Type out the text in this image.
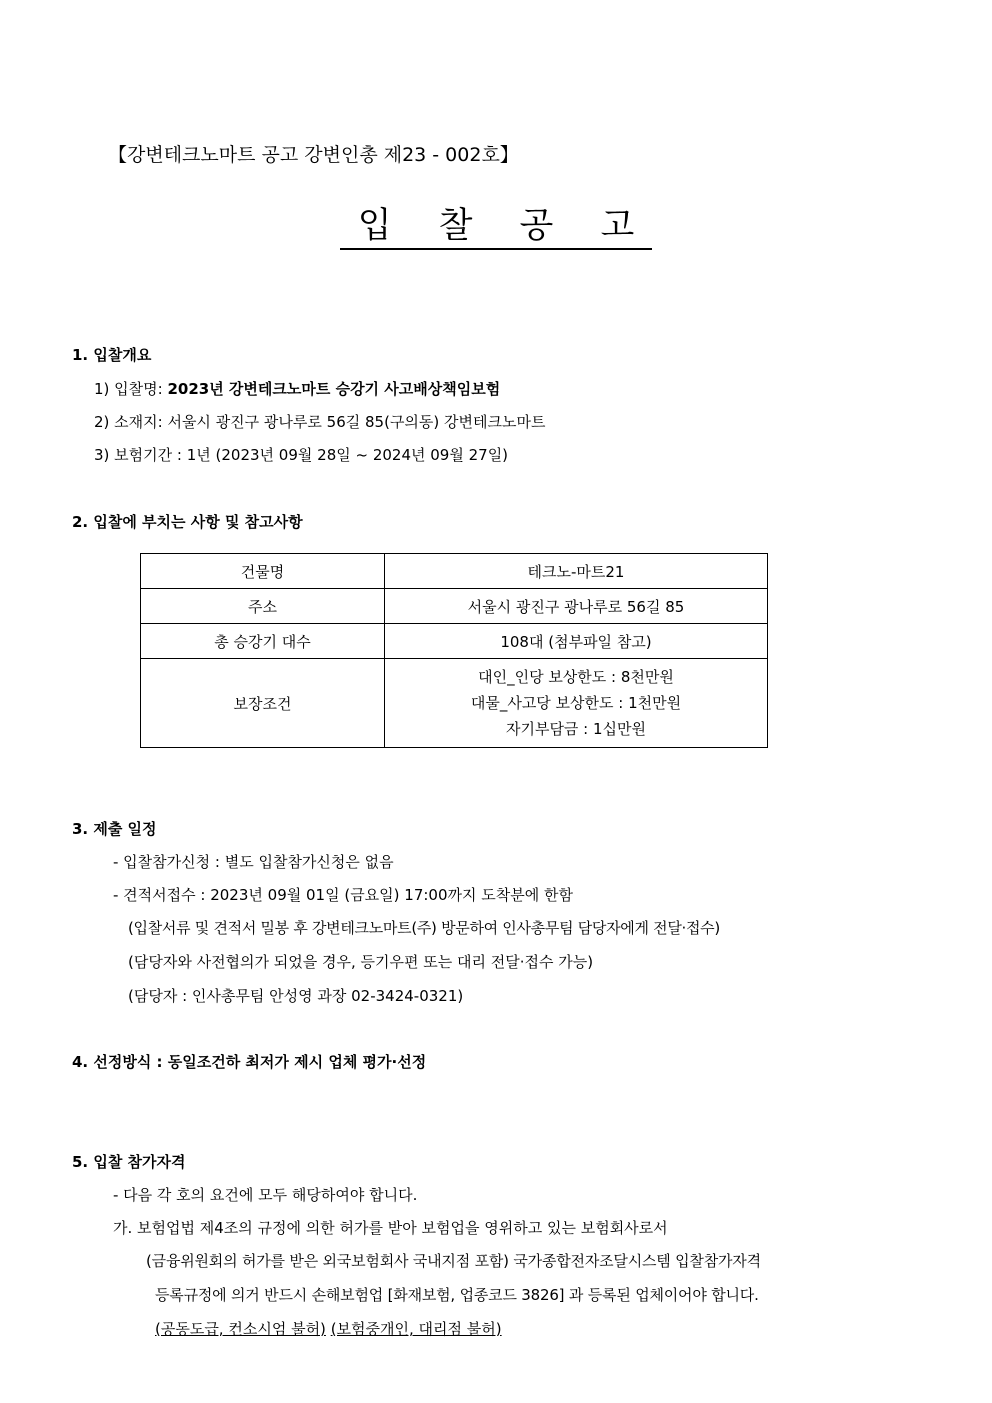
【강변테크노마트 공고 강변인총 제23 - 002호】
입 찰 공 고
1. 입찰개요
1) 입찰명: 2023년 강변테크노마트 승강기 사고배상책임보험
2) 소재지: 서울시 광진구 광나루로 56길 85(구의동) 강변테크노마트
3) 보험기간 : 1년 (2023년 09월 28일 ~ 2024년 09월 27일)
2. 입찰에 부치는 사항 및 참고사항
건물명	테크노-마트21
주소	서울시 광진구 광나루로 56길 85
총 승강기 대수	108대 (첨부파일 참고)
보장조건	대인_인당 보상한도 : 8천만원
대물_사고당 보상한도 : 1천만원
자기부담금 : 1십만원
3. 제출 일정
- 입찰참가신청 : 별도 입찰참가신청은 없음
- 견적서접수 : 2023년 09월 01일 (금요일) 17:00까지 도착분에 한함
(입찰서류 및 견적서 밀봉 후 강변테크노마트(주) 방문하여 인사총무팀 담당자에게 전달·접수)
(담당자와 사전협의가 되었을 경우, 등기우편 또는 대리 전달·접수 가능)
(담당자 : 인사총무팀 안성영 과장 02-3424-0321)
4. 선정방식 : 동일조건하 최저가 제시 업체 평가·선정
5. 입찰 참가자격
- 다음 각 호의 요건에 모두 해당하여야 합니다.
가. 보험업법 제4조의 규정에 의한 허가를 받아 보험업을 영위하고 있는 보험회사로서
(금융위원회의 허가를 받은 외국보험회사 국내지점 포함) 국가종합전자조달시스템 입찰참가자격
등록규정에 의거 반드시 손해보험업 [화재보험, 업종코드 3826] 과 등록된 업체이어야 합니다.
(공동도급, 컨소시엄 불허) (보험중개인, 대리점 불허)
